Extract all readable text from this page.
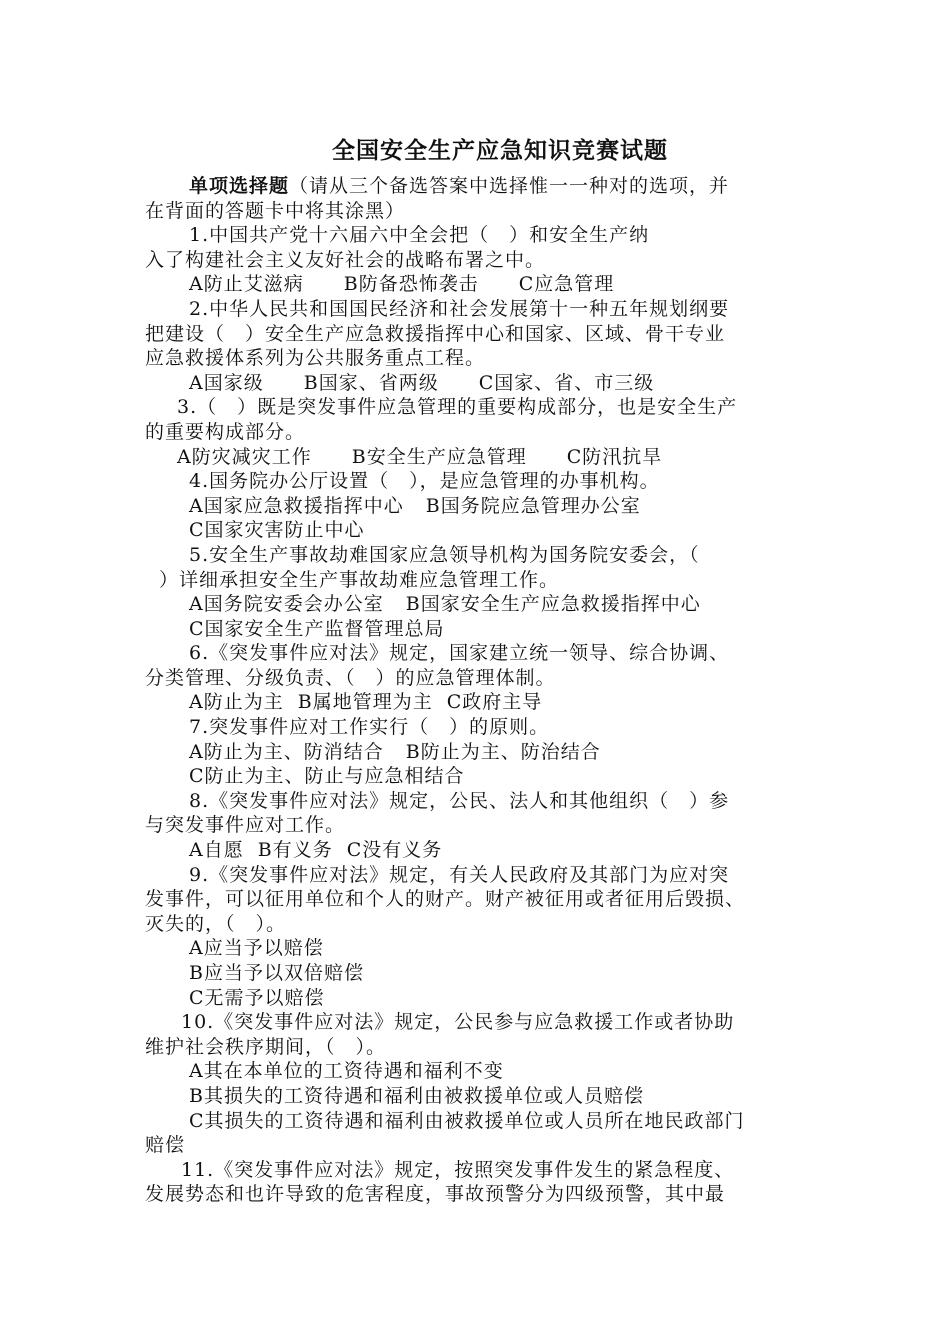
全国安全生产应急知识竞赛试题
单项选择题（请从三个备选答案中选择惟一一种对的选项，并
在背面的答题卡中将其涂黑）
1.中国共产党十六届六中全会把（　）和安全生产纳
入了构建社会主义友好社会的战略布署之中。
A防止艾滋病 B防备恐怖袭击 C应急管理
2.中华人民共和国国民经济和社会发展第十一种五年规划纲要
把建设（　）安全生产应急救援指挥中心和国家、区域、骨干专业
应急救援体系列为公共服务重点工程。
A国家级 B国家、省两级 C国家、省、市三级
3.（　）既是突发事件应急管理的重要构成部分，也是安全生产
的重要构成部分。
A防灾减灾工作 B安全生产应急管理 C防汛抗旱
4.国务院办公厅设置（　），是应急管理的办事机构。
A国家应急救援指挥中心 B国务院应急管理办公室
C国家灾害防止中心
5.安全生产事故劫难国家应急领导机构为国务院安委会，（
）详细承担安全生产事故劫难应急管理工作。
A国务院安委会办公室 B国家安全生产应急救援指挥中心
C国家安全生产监督管理总局
6.《突发事件应对法》规定，国家建立统一领导、综合协调、
分类管理、分级负责、（　）的应急管理体制。
A防止为主 B属地管理为主 C政府主导
7.突发事件应对工作实行（　）的原则。
A防止为主、防消结合 B防止为主、防治结合
C防止为主、防止与应急相结合
8.《突发事件应对法》规定，公民、法人和其他组织（　）参
与突发事件应对工作。
A自愿 B有义务 C没有义务
9.《突发事件应对法》规定，有关人民政府及其部门为应对突
发事件，可以征用单位和个人的财产。财产被征用或者征用后毁损、
灭失的，（　）。
A应当予以赔偿
B应当予以双倍赔偿
C无需予以赔偿
10.《突发事件应对法》规定，公民参与应急救援工作或者协助
维护社会秩序期间，（　）。
A其在本单位的工资待遇和福利不变
B其损失的工资待遇和福利由被救援单位或人员赔偿
C其损失的工资待遇和福利由被救援单位或人员所在地民政部门
赔偿
11.《突发事件应对法》规定，按照突发事件发生的紧急程度、
发展势态和也许导致的危害程度，事故预警分为四级预警，其中最
